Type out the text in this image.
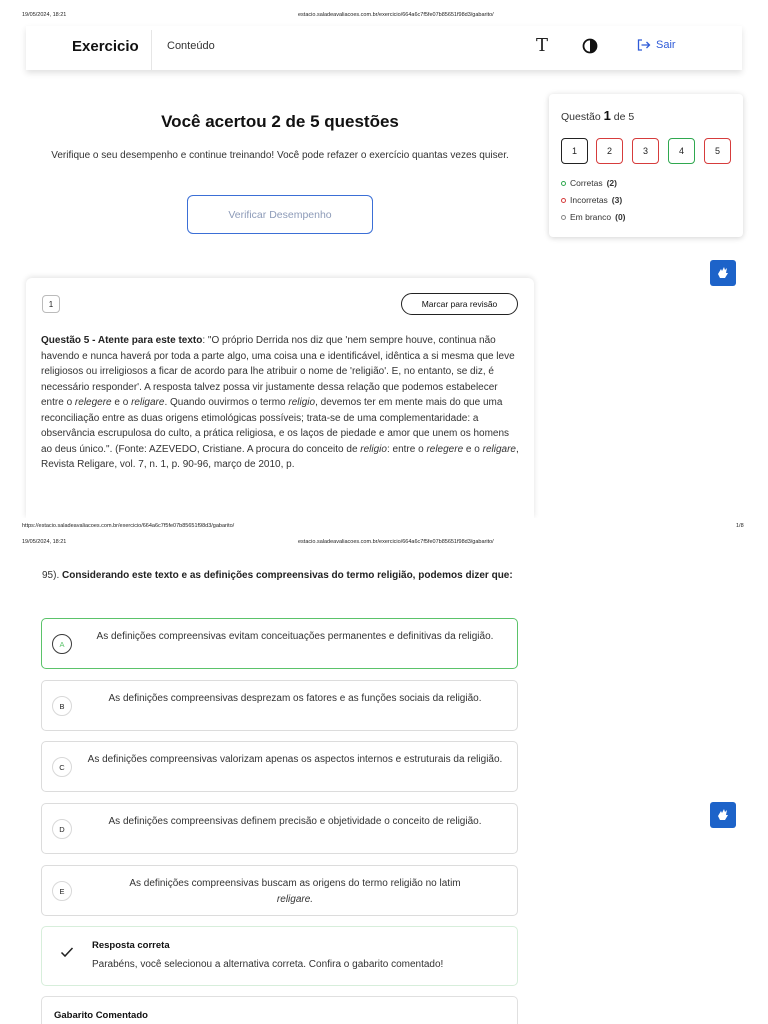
19/05/2024, 18:21	estacio.saladeavaliacoes.com.br/exercicio/664a6c7f5fe07b85651f98d3/gabarito/
Exercicio	Conteúdo	T	Sair
Você acertou 2 de 5 questões
Verifique o seu desempenho e continue treinando! Você pode refazer o exercício quantas vezes quiser.
Verificar Desempenho
Questão 1 de 5
1	2	3	4	5
Corretas (2)
Incorretas (3)
Em branco (0)
1	Marcar para revisão
Questão 5 - Atente para este texto: "O próprio Derrida nos diz que 'nem sempre houve, continua não havendo e nunca haverá por toda a parte algo, uma coisa una e identificável, idêntica a si mesma que leve religiosos ou irreligiosos a ficar de acordo para lhe atribuir o nome de 'religião'. E, no entanto, se diz, é necessário responder'. A resposta talvez possa vir justamente dessa relação que podemos estabelecer entre o relegere e o religare. Quando ouvirmos o termo religio, devemos ter em mente mais do que uma reconciliação entre as duas origens etimológicas possíveis; trata-se de uma complementaridade: a observância escrupulosa do culto, a prática religiosa, e os laços de piedade e amor que unem os homens ao deus único.". (Fonte: AZEVEDO, Cristiane. A procura do conceito de religio: entre o relegere e o religare, Revista Religare, vol. 7, n. 1, p. 90-96, março de 2010, p.
https://estacio.saladeavaliacoes.com.br/exercicio/664a6c7f5fe07b85651f98d3/gabarito/	1/8
19/05/2024, 18:21	estacio.saladeavaliacoes.com.br/exercicio/664a6c7f5fe07b85651f98d3/gabarito/
95). Considerando este texto e as definições compreensivas do termo religião, podemos dizer que:
A
As definições compreensivas evitam conceituações permanentes e definitivas da religião.
B
As definições compreensivas desprezam os fatores e as funções sociais da religião.
C
As definições compreensivas valorizam apenas os aspectos internos e estruturais da religião.
D
As definições compreensivas definem precisão e objetividade o conceito de religião.
E
As definições compreensivas buscam as origens do termo religião no latim
religare.
Resposta correta
Parabéns, você selecionou a alternativa correta. Confira o gabarito comentado!
Gabarito Comentado
